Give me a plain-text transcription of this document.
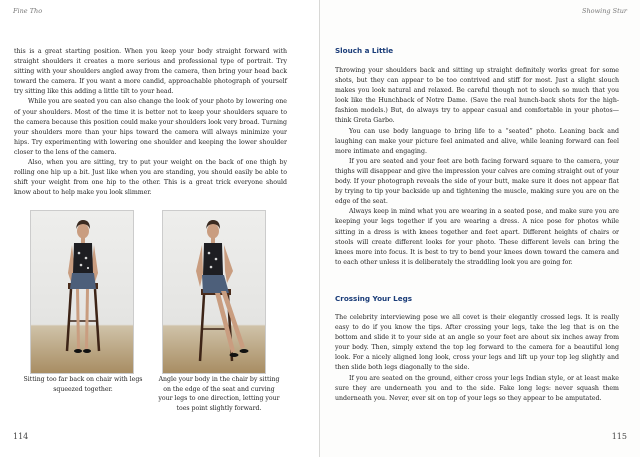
Fine Tho

this is a great starting position. When you keep your body straight forward with straight shoulders it creates a more serious and professional type of portrait. Try sitting with your shoulders angled away from the camera, then bring your head back toward the camera. If you want a more candid, approachable photograph of yourself try sitting like this adding a little tilt to your head.

While you are seated you can also change the look of your photo by lowering one of your shoulders. Most of the time it is better not to keep your shoulders square to the camera because this position could make your shoulders look very broad. Turning your shoulders more than your hips toward the camera will always minimize your hips. Try experimenting with lowering one shoulder and keeping the lower shoulder closer to the lens of the camera.

Also, when you are sitting, try to put your weight on the back of one thigh by rolling one hip up a bit. Just like when you are standing, you should easily be able to shift your weight from one hip to the other. This is a great trick everyone should know about to help make you look slimmer.

Sitting too far back on chair with legs squeezed together.
Angle your body in the chair by sitting on the edge of the seat and curving your legs to one direction, letting your toes point slightly forward.
114
Showing Stur
115
Slouch a Little

Throwing your shoulders back and sitting up straight definitely works great for some shots, but they can appear to be too contrived and stiff for most. Just a slight slouch makes you look natural and relaxed. Be careful though not to slouch so much that you look like the Hunchback of Notre Dame. (Save the real hunch-back shots for the high-fashion models.) But, do always try to appear casual and comfortable in your photos—think Greta Garbo.

You can use body language to bring life to a “seated” photo. Leaning back and laughing can make your picture feel animated and alive, while leaning forward can feel more intimate and engaging.

If you are seated and your feet are both facing forward square to the camera, your thighs will disappear and give the impression your calves are coming straight out of your body. If your photograph reveals the side of your butt, make sure it does not appear flat by trying to tip your backside up and tightening the muscle, making sure you are on the edge of the seat.

Always keep in mind what you are wearing in a seated pose, and make sure you are keeping your legs together if you are wearing a dress. A nice pose for photos while sitting in a dress is with knees together and feet apart. Different heights of chairs or stools will create different looks for your photo. These different levels can bring the knees more into focus. It is best to try to bend your knees down toward the camera and to each other unless it is deliberately the straddling look you are going for.

Crossing Your Legs

The celebrity interviewing pose we all covet is their elegantly crossed legs. It is really easy to do if you know the tips. After crossing your legs, take the leg that is on the bottom and slide it to your side at an angle so your feet are about six inches away from your body. Then, simply extend the top leg forward to the camera for a beautiful long look. For a nicely aligned long look, cross your legs and lift up your top leg slightly and then slide both legs diagonally to the side.

If you are seated on the ground, either cross your legs Indian style, or at least make sure they are underneath you and to the side. Fake long legs: never squash them underneath you. Never, ever sit on top of your legs so they appear to be amputated.
